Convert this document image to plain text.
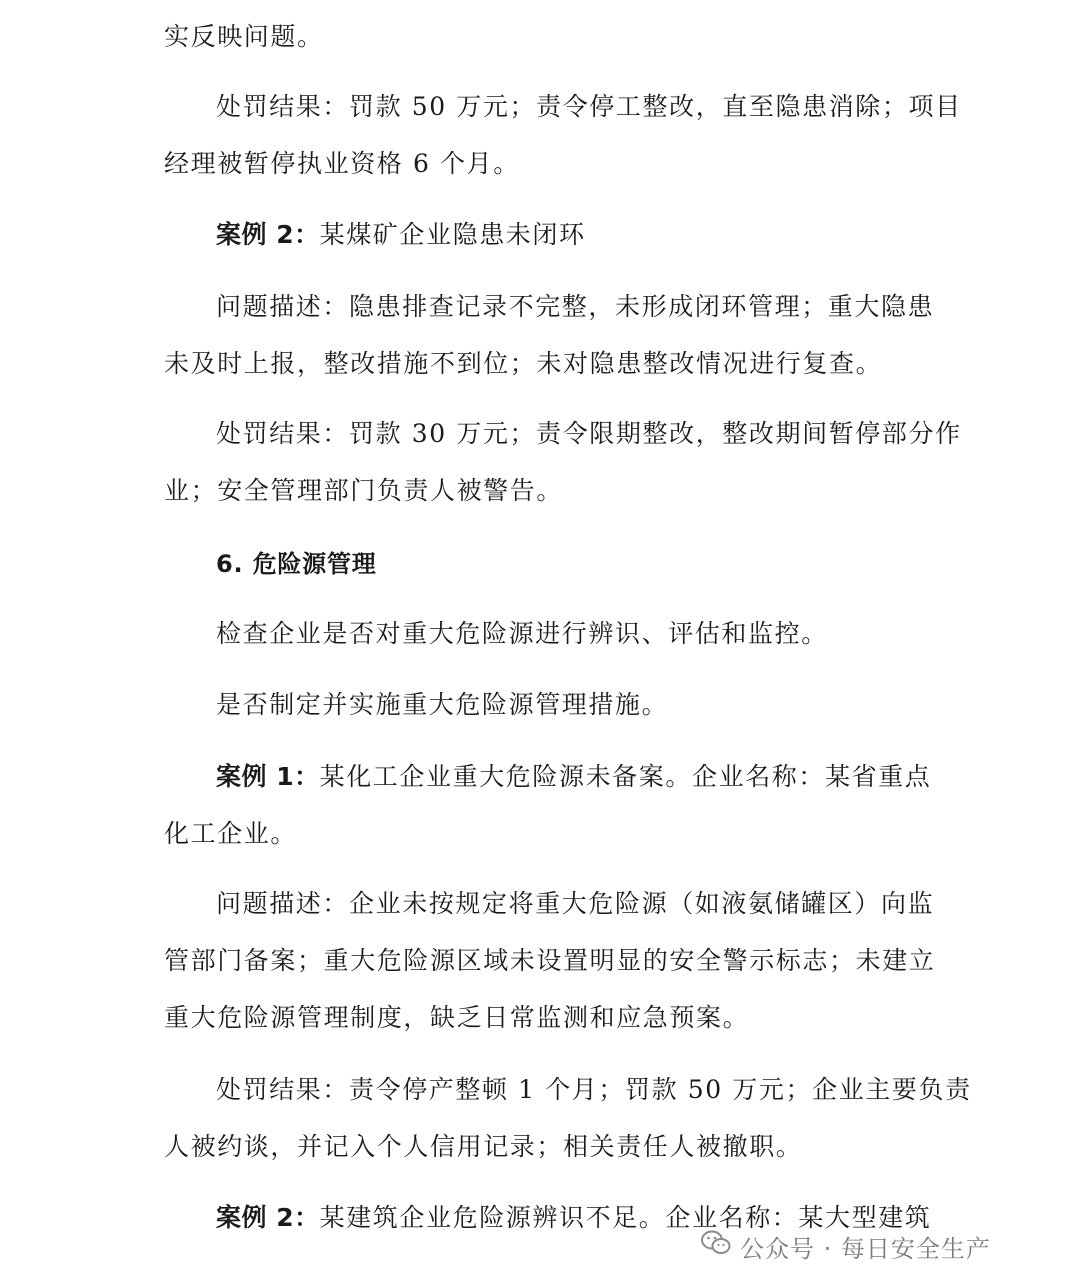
实反映问题。
处罚结果：罚款 50 万元；责令停工整改，直至隐患消除；项目
经理被暂停执业资格 6 个月。
案例 2：某煤矿企业隐患未闭环
问题描述：隐患排查记录不完整，未形成闭环管理；重大隐患
未及时上报，整改措施不到位；未对隐患整改情况进行复查。
处罚结果：罚款 30 万元；责令限期整改，整改期间暂停部分作
业；安全管理部门负责人被警告。
6. 危险源管理
检查企业是否对重大危险源进行辨识、评估和监控。
是否制定并实施重大危险源管理措施。
案例 1：某化工企业重大危险源未备案。企业名称：某省重点
化工企业。
问题描述：企业未按规定将重大危险源（如液氨储罐区）向监
管部门备案；重大危险源区域未设置明显的安全警示标志；未建立
重大危险源管理制度，缺乏日常监测和应急预案。
处罚结果：责令停产整顿 1 个月；罚款 50 万元；企业主要负责
人被约谈，并记入个人信用记录；相关责任人被撤职。
案例 2：某建筑企业危险源辨识不足。企业名称：某大型建筑
公众号 · 每日安全生产
